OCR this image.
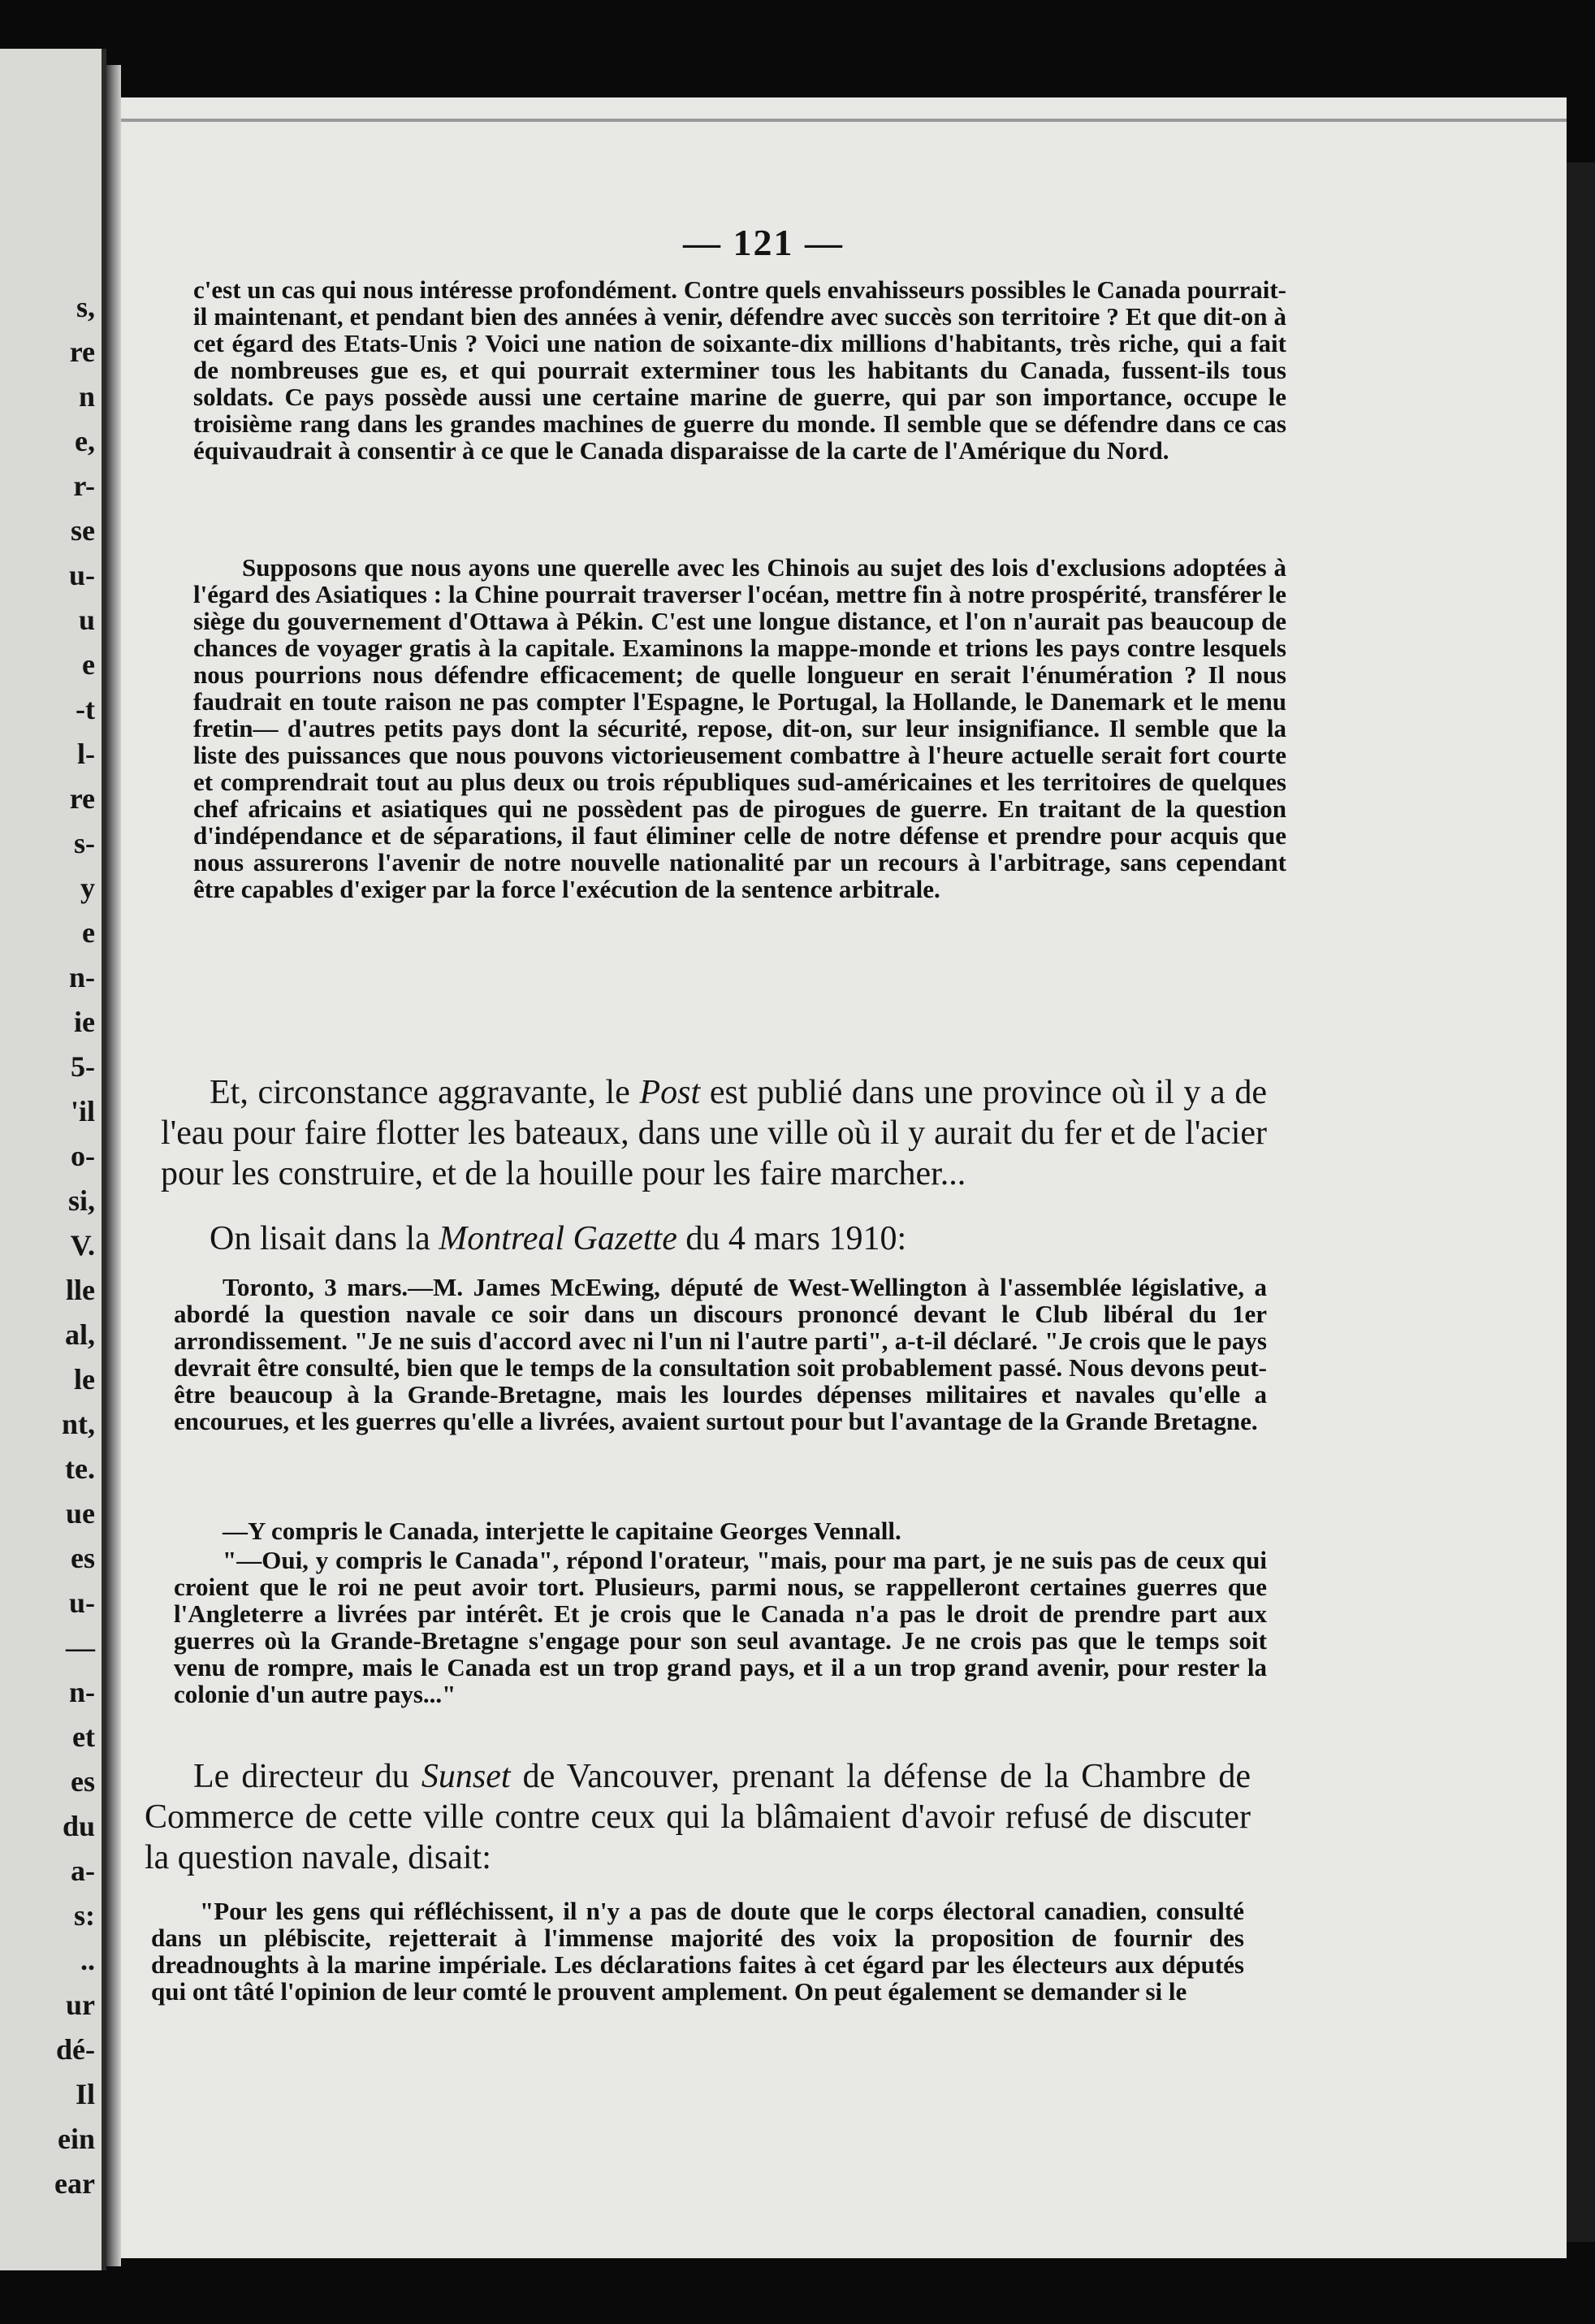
s,
re
n
e,
r-
se
u-
u
e
-t
l-
re
s-
y
e
n-
ie
5-
'il
o-
si,
V.
lle
al,
le
nt,
te.
ue
es
u-
—
n-
et
es
du
a-
s:
..
ur
dé-
Il
ein
ear
— 121 —

c'est un cas qui nous intéresse profondément. Contre quels envahisseurs possibles le Canada pourrait-il maintenant, et pendant bien des années à venir, défendre avec succès son territoire ? Et que dit-on à cet égard des Etats-Unis ? Voici une nation de soixante-dix millions d'habitants, très riche, qui a fait de nombreuses gue es, et qui pourrait exterminer tous les habitants du Canada, fussent-ils tous soldats. Ce pays possède aussi une certaine marine de guerre, qui par son importance, occupe le troisième rang dans les grandes machines de guerre du monde. Il semble que se défendre dans ce cas équivaudrait à consentir à ce que le Canada disparaisse de la carte de l'Amérique du Nord.

Supposons que nous ayons une querelle avec les Chinois au sujet des lois d'exclusions adoptées à l'égard des Asiatiques : la Chine pourrait traverser l'océan, mettre fin à notre prospérité, transférer le siège du gouvernement d'Ottawa à Pékin. C'est une longue distance, et l'on n'aurait pas beaucoup de chances de voyager gratis à la capitale. Examinons la mappe-monde et trions les pays contre lesquels nous pourrions nous défendre efficacement; de quelle longueur en serait l'énumération ? Il nous faudrait en toute raison ne pas compter l'Espagne, le Portugal, la Hollande, le Danemark et le menu fretin— d'autres petits pays dont la sécurité, repose, dit-on, sur leur insignifiance. Il semble que la liste des puissances que nous pouvons victorieusement combattre à l'heure actuelle serait fort courte et comprendrait tout au plus deux ou trois républiques sud-américaines et les territoires de quelques chef africains et asiatiques qui ne possèdent pas de pirogues de guerre. En traitant de la question d'indépendance et de séparations, il faut éliminer celle de notre défense et prendre pour acquis que nous assurerons l'avenir de notre nouvelle nationalité par un recours à l'arbitrage, sans cependant être capables d'exiger par la force l'exécution de la sentence arbitrale.

Et, circonstance aggravante, le Post est publié dans une province où il y a de l'eau pour faire flotter les bateaux, dans une ville où il y aurait du fer et de l'acier pour les construire, et de la houille pour les faire marcher...

On lisait dans la Montreal Gazette du 4 mars 1910:

Toronto, 3 mars.—M. James McEwing, député de West-Wellington à l'assemblée législative, a abordé la question navale ce soir dans un discours prononcé devant le Club libéral du 1er arrondissement. "Je ne suis d'accord avec ni l'un ni l'autre parti", a-t-il déclaré. "Je crois que le pays devrait être consulté, bien que le temps de la consultation soit probablement passé. Nous devons peut-être beaucoup à la Grande-Bretagne, mais les lourdes dépenses militaires et navales qu'elle a encourues, et les guerres qu'elle a livrées, avaient surtout pour but l'avantage de la Grande Bretagne.

—Y compris le Canada, interjette le capitaine Georges Vennall.

"—Oui, y compris le Canada", répond l'orateur, "mais, pour ma part, je ne suis pas de ceux qui croient que le roi ne peut avoir tort. Plusieurs, parmi nous, se rappelleront certaines guerres que l'Angleterre a livrées par intérêt. Et je crois que le Canada n'a pas le droit de prendre part aux guerres où la Grande-Bretagne s'engage pour son seul avantage. Je ne crois pas que le temps soit venu de rompre, mais le Canada est un trop grand pays, et il a un trop grand avenir, pour rester la colonie d'un autre pays..."

Le directeur du Sunset de Vancouver, prenant la défense de la Chambre de Commerce de cette ville contre ceux qui la blâmaient d'avoir refusé de discuter la question navale, disait:

"Pour les gens qui réfléchissent, il n'y a pas de doute que le corps électoral canadien, consulté dans un plébiscite, rejetterait à l'immense majorité des voix la proposition de fournir des dreadnoughts à la marine impériale. Les déclarations faites à cet égard par les électeurs aux députés qui ont tâté l'opinion de leur comté le prouvent amplement. On peut également se demander si le
